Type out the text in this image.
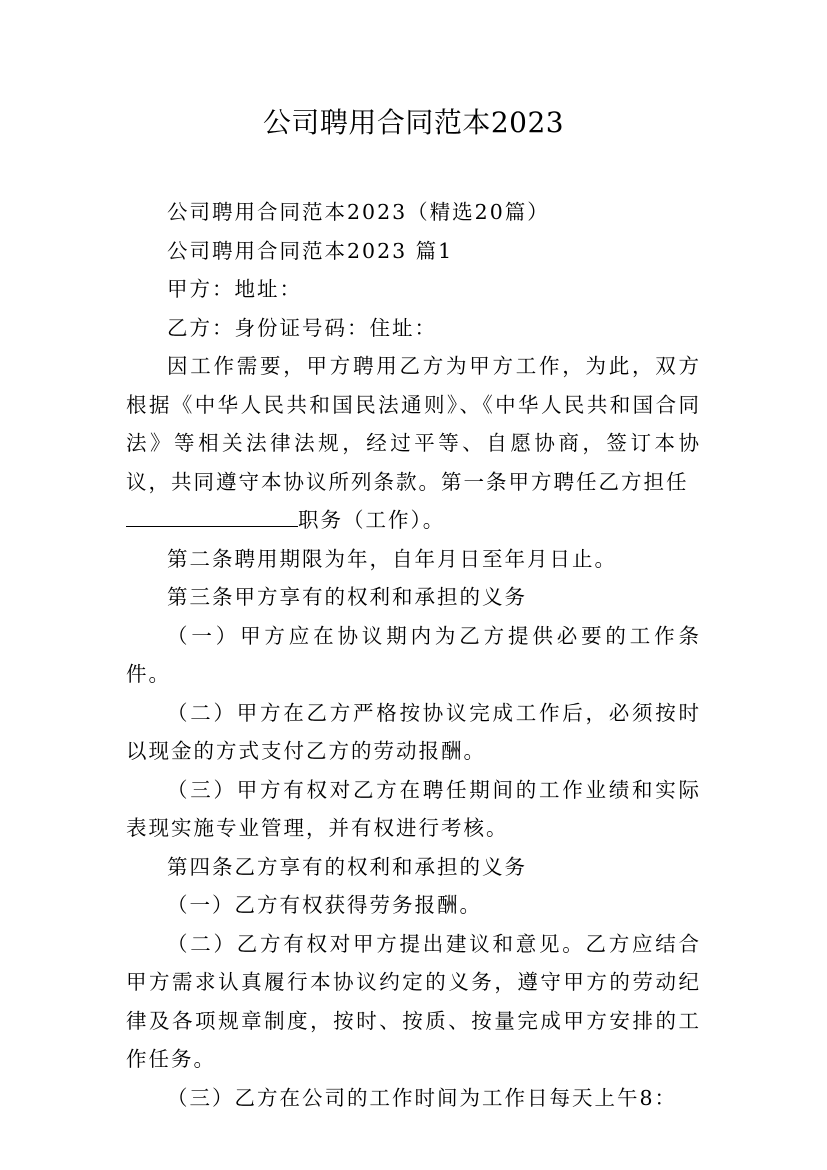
公司聘用合同范本2023

公司聘用合同范本2023（精选20篇）

公司聘用合同范本2023 篇1

甲方：地址：

乙方：身份证号码：住址：

因工作需要，甲方聘用乙方为甲方工作，为此，双方根据《中华人民共和国民法通则》、《中华人民共和国合同法》等相关法律法规，经过平等、自愿协商，签订本协议，共同遵守本协议所列条款。第一条甲方聘任乙方担任

职务（工作）。

第二条聘用期限为年，自年月日至年月日止。

第三条甲方享有的权利和承担的义务

（一）甲方应在协议期内为乙方提供必要的工作条件。

（二）甲方在乙方严格按协议完成工作后，必须按时以现金的方式支付乙方的劳动报酬。

（三）甲方有权对乙方在聘任期间的工作业绩和实际表现实施专业管理，并有权进行考核。

第四条乙方享有的权利和承担的义务

（一）乙方有权获得劳务报酬。

（二）乙方有权对甲方提出建议和意见。乙方应结合甲方需求认真履行本协议约定的义务，遵守甲方的劳动纪律及各项规章制度，按时、按质、按量完成甲方安排的工作任务。

（三）乙方在公司的工作时间为工作日每天上午8：
